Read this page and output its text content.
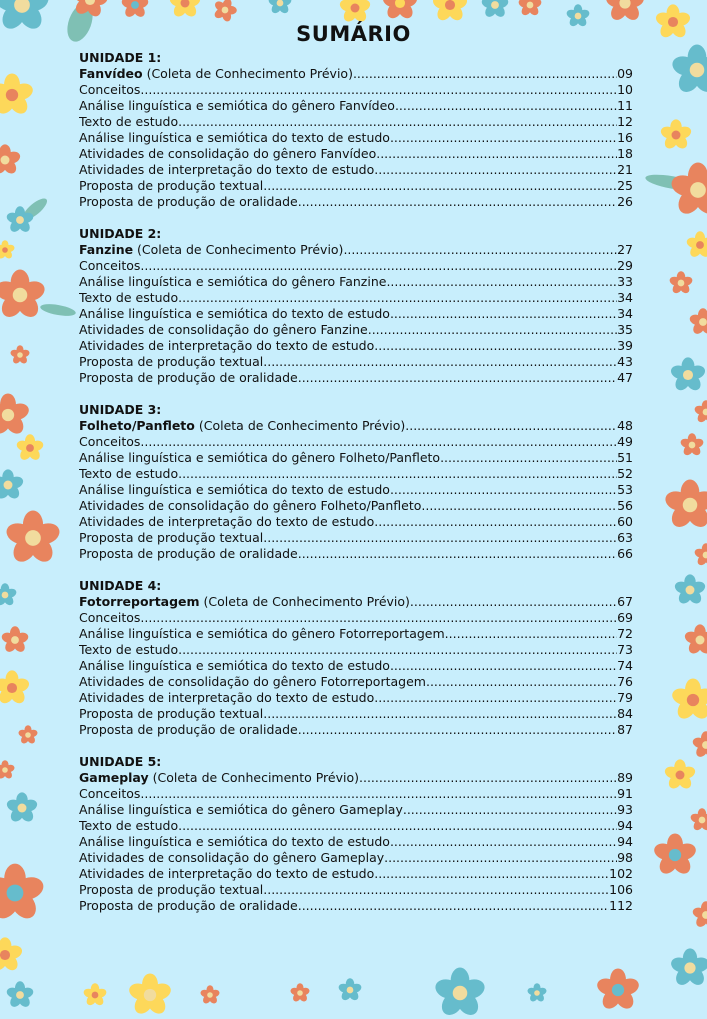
SUMÁRIO
UNIDADE 1:
Fanvídeo (Coleta de Conhecimento Prévio) .....	09
Conceitos .....	10
Análise linguística e semiótica do gênero Fanvídeo .....	11
Texto de estudo .....	12
Análise linguística e semiótica do texto de estudo .....	16
Atividades de consolidação do gênero Fanvídeo .....	18
Atividades de interpretação do texto de estudo .....	21
Proposta de produção textual .....	25
Proposta de produção de oralidade .....	26
UNIDADE 2:
Fanzine (Coleta de Conhecimento Prévio) .....	27
Conceitos .....	29
Análise linguística e semiótica do gênero Fanzine .....	33
Texto de estudo .....	34
Análise linguística e semiótica do texto de estudo .....	34
Atividades de consolidação do gênero Fanzine .....	35
Atividades de interpretação do texto de estudo .....	39
Proposta de produção textual .....	43
Proposta de produção de oralidade .....	47
UNIDADE 3:
Folheto/Panfleto (Coleta de Conhecimento Prévio) .....	48
Conceitos .....	49
Análise linguística e semiótica do gênero Folheto/Panfleto .....	51
Texto de estudo .....	52
Análise linguística e semiótica do texto de estudo .....	53
Atividades de consolidação do gênero Folheto/Panfleto .....	56
Atividades de interpretação do texto de estudo .....	60
Proposta de produção textual .....	63
Proposta de produção de oralidade .....	66
UNIDADE 4:
Fotorreportagem (Coleta de Conhecimento Prévio) .....	67
Conceitos .....	69
Análise linguística e semiótica do gênero Fotorreportagem .....	72
Texto de estudo .....	73
Análise linguística e semiótica do texto de estudo .....	74
Atividades de consolidação do gênero Fotorreportagem .....	76
Atividades de interpretação do texto de estudo .....	79
Proposta de produção textual .....	84
Proposta de produção de oralidade .....	87
UNIDADE 5:
Gameplay (Coleta de Conhecimento Prévio) .....	89
Conceitos .....	91
Análise linguística e semiótica do gênero Gameplay .....	93
Texto de estudo .....	94
Análise linguística e semiótica do texto de estudo .....	94
Atividades de consolidação do gênero Gameplay .....	98
Atividades de interpretação do texto de estudo .....	102
Proposta de produção textual .....	106
Proposta de produção de oralidade .....	112
